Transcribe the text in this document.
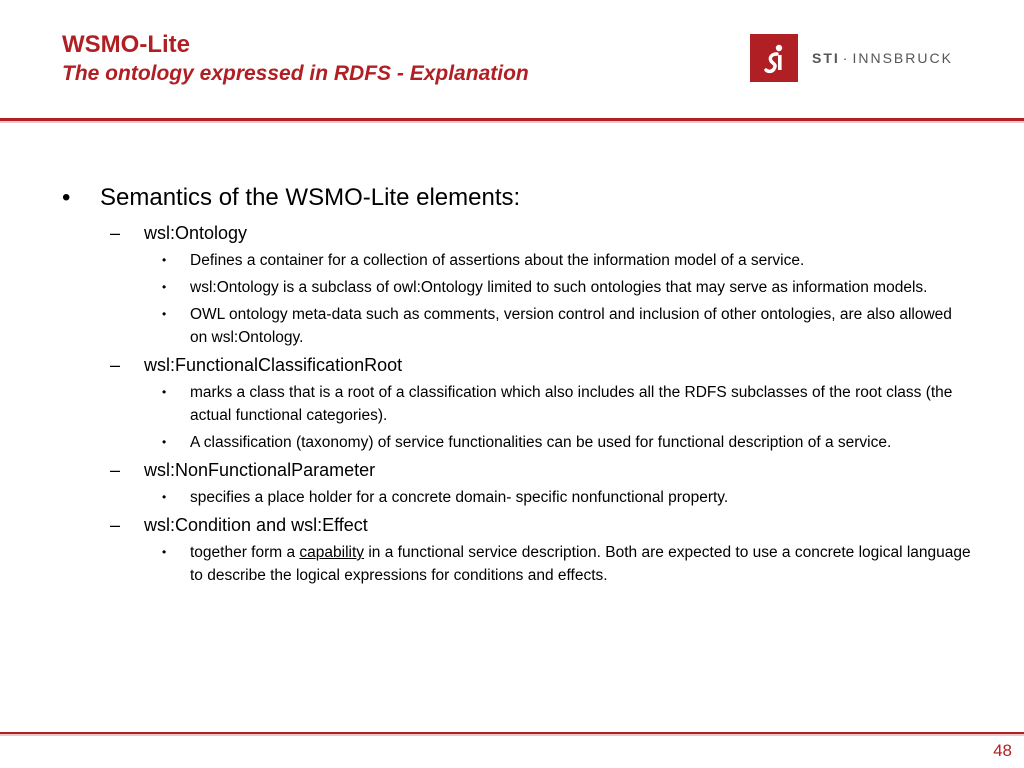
WSMO-Lite
The ontology expressed in RDFS - Explanation
STI · INNSBRUCK
•	Semantics of the WSMO-Lite elements:
–	wsl:Ontology
•	Defines a container for a collection of assertions about the information model of a service.
•	wsl:Ontology is a subclass of owl:Ontology limited to such ontologies that may serve as information models.
•	OWL ontology meta-data such as comments, version control and inclusion of other ontologies, are also allowed on wsl:Ontology.
–	wsl:FunctionalClassificationRoot
•	marks a class that is a root of a classification which also includes all the RDFS subclasses of the root class (the actual functional categories).
•	A classification (taxonomy) of service functionalities can be used for functional description of a service.
–	wsl:NonFunctionalParameter
•	specifies a place holder for a concrete domain- specific nonfunctional property.
–	wsl:Condition and wsl:Effect
•	together form a capability in a functional service description. Both are expected to use a concrete logical language to describe the logical expressions for conditions and effects.
48
